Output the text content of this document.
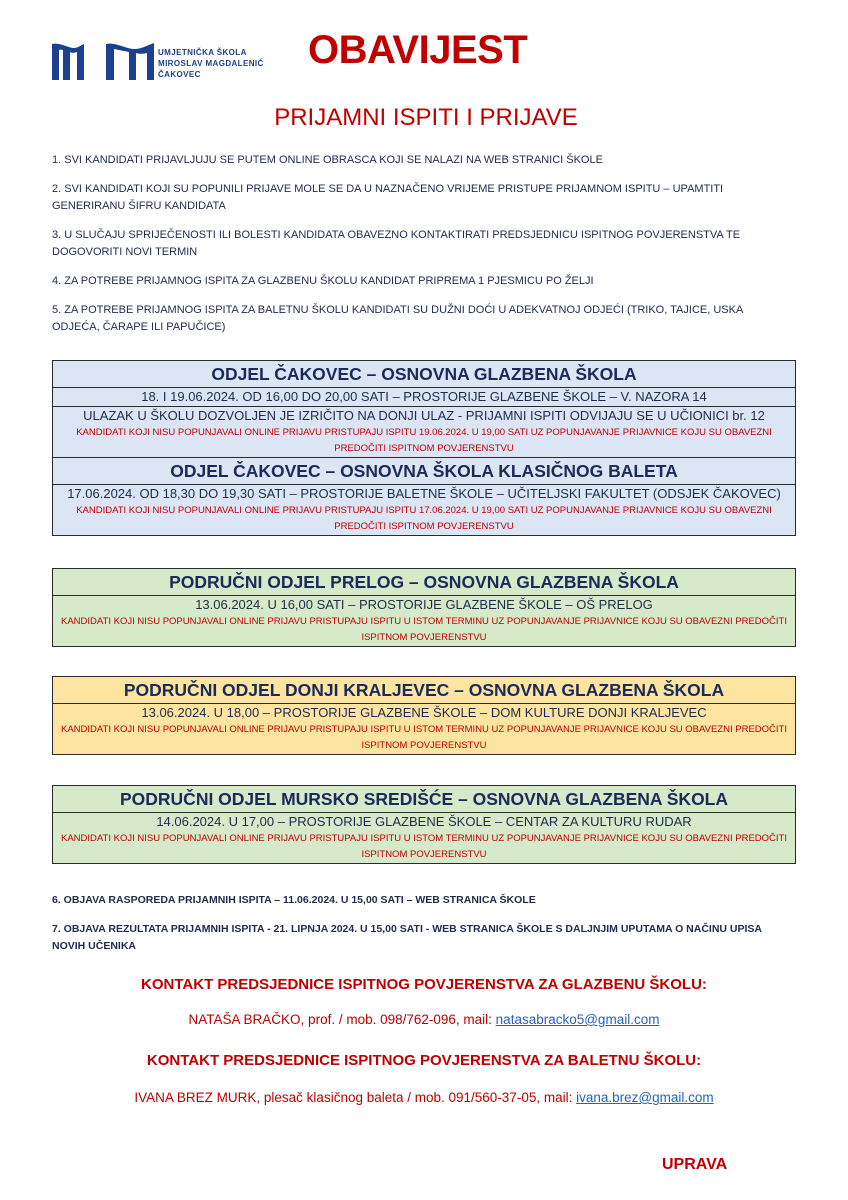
UMJETNIČKA ŠKOLA
MIROSLAV MAGDALENIĆ
ČAKOVEC
OBAVIJEST
PRIJAMNI ISPITI I PRIJAVE

1. SVI KANDIDATI PRIJAVLJUJU SE PUTEM ONLINE OBRASCA KOJI SE NALAZI NA WEB STRANICI ŠKOLE

2. SVI KANDIDATI KOJI SU POPUNILI PRIJAVE MOLE SE DA U NAZNAČENO VRIJEME PRISTUPE PRIJAMNOM ISPITU – UPAMTITI GENERIRANU ŠIFRU KANDIDATA

3. U SLUČAJU SPRIJEČENOSTI ILI BOLESTI KANDIDATA OBAVEZNO KONTAKTIRATI PREDSJEDNICU ISPITNOG POVJERENSTVA TE DOGOVORITI NOVI TERMIN

4. ZA POTREBE PRIJAMNOG ISPITA ZA GLAZBENU ŠKOLU KANDIDAT PRIPREMA 1 PJESMICU PO ŽELJI

5. ZA POTREBE PRIJAMNOG ISPITA ZA BALETNU ŠKOLU KANDIDATI SU DUŽNI DOĆI U ADEKVATNOJ ODJEĆI (TRIKO, TAJICE, USKA ODJEĆA, ČARAPE ILI PAPUČICE)

ODJEL ČAKOVEC – OSNOVNA GLAZBENA ŠKOLA
18. I 19.06.2024. OD 16,00 DO 20,00 SATI – PROSTORIJE GLAZBENE ŠKOLE – V. NAZORA 14
ULAZAK U ŠKOLU DOZVOLJEN JE IZRIČITO NA DONJI ULAZ - PRIJAMNI ISPITI ODVIJAJU SE U UČIONICI br. 12
KANDIDATI KOJI NISU POPUNJAVALI ONLINE PRIJAVU PRISTUPAJU ISPITU 19.06.2024. U 19,00 SATI UZ POPUNJAVANJE PRIJAVNICE KOJU SU OBAVEZNI PREDOČITI ISPITNOM POVJERENSTVU
ODJEL ČAKOVEC – OSNOVNA ŠKOLA KLASIČNOG BALETA
17.06.2024. OD 18,30 DO 19,30 SATI – PROSTORIJE BALETNE ŠKOLE – UČITELJSKI FAKULTET (ODSJEK ČAKOVEC)
KANDIDATI KOJI NISU POPUNJAVALI ONLINE PRIJAVU PRISTUPAJU ISPITU 17.06.2024. U 19,00 SATI UZ POPUNJAVANJE PRIJAVNICE KOJU SU OBAVEZNI PREDOČITI ISPITNOM POVJERENSTVU
PODRUČNI ODJEL PRELOG – OSNOVNA GLAZBENA ŠKOLA
13.06.2024. U 16,00 SATI – PROSTORIJE GLAZBENE ŠKOLE – OŠ PRELOG
KANDIDATI KOJI NISU POPUNJAVALI ONLINE PRIJAVU PRISTUPAJU ISPITU U ISTOM TERMINU UZ POPUNJAVANJE PRIJAVNICE KOJU SU OBAVEZNI PREDOČITI ISPITNOM POVJERENSTVU
PODRUČNI ODJEL DONJI KRALJEVEC – OSNOVNA GLAZBENA ŠKOLA
13.06.2024. U 18,00 – PROSTORIJE GLAZBENE ŠKOLE – DOM KULTURE DONJI KRALJEVEC
KANDIDATI KOJI NISU POPUNJAVALI ONLINE PRIJAVU PRISTUPAJU ISPITU U ISTOM TERMINU UZ POPUNJAVANJE PRIJAVNICE KOJU SU OBAVEZNI PREDOČITI ISPITNOM POVJERENSTVU
PODRUČNI ODJEL MURSKO SREDIŠĆE – OSNOVNA GLAZBENA ŠKOLA
14.06.2024. U 17,00 – PROSTORIJE GLAZBENE ŠKOLE – CENTAR ZA KULTURU RUDAR
KANDIDATI KOJI NISU POPUNJAVALI ONLINE PRIJAVU PRISTUPAJU ISPITU U ISTOM TERMINU UZ POPUNJAVANJE PRIJAVNICE KOJU SU OBAVEZNI PREDOČITI ISPITNOM POVJERENSTVU

6. OBJAVA RASPOREDA PRIJAMNIH ISPITA – 11.06.2024. U 15,00 SATI – WEB STRANICA ŠKOLE

7. OBJAVA REZULTATA PRIJAMNIH ISPITA - 21. LIPNJA 2024. U 15,00 SATI - WEB STRANICA ŠKOLE S DALJNJIM UPUTAMA O NAČINU UPISA NOVIH UČENIKA

KONTAKT PREDSJEDNICE ISPITNOG POVJERENSTVA ZA GLAZBENU ŠKOLU:
NATAŠA BRAČKO, prof. / mob. 098/762-096, mail: natasabracko5@gmail.com
KONTAKT PREDSJEDNICE ISPITNOG POVJERENSTVA ZA BALETNU ŠKOLU:
IVANA BREZ MURK, plesač klasičnog baleta / mob. 091/560-37-05, mail: ivana.brez@gmail.com
UPRAVA
